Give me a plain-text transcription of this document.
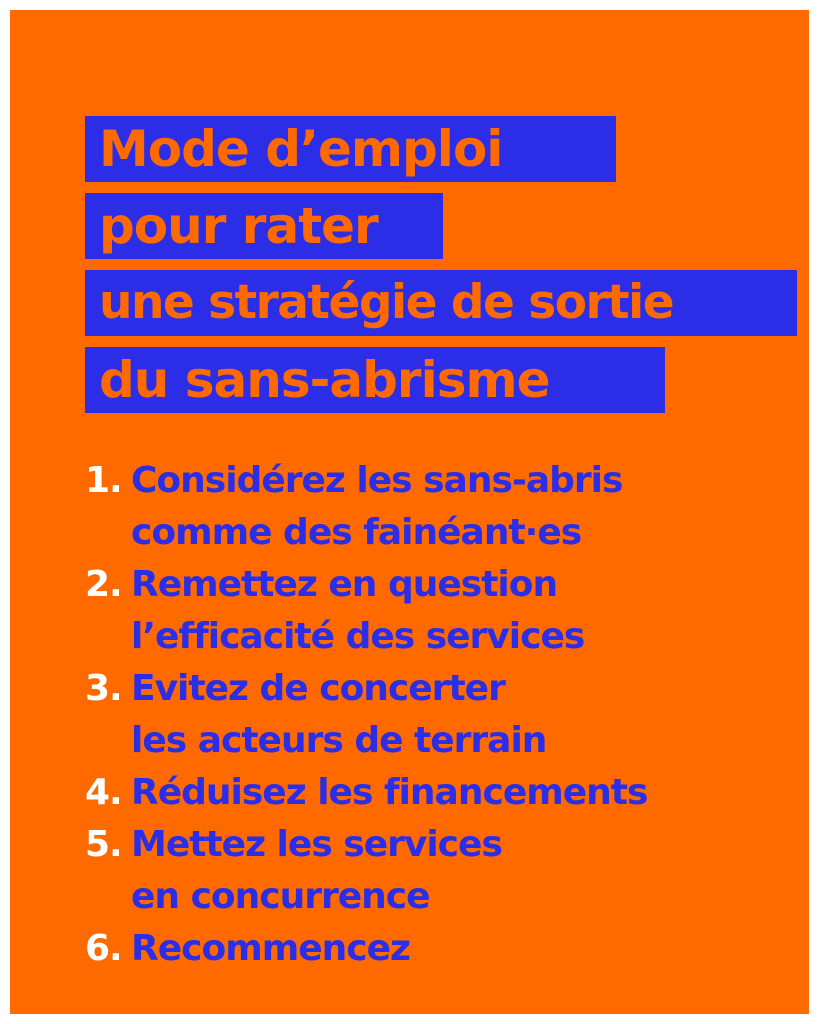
Mode d’emploi
pour rater
une stratégie de sortie
du sans-abrisme
1. Considérez les sans-abris
comme des fainéant·es
2. Remettez en question
l’efficacité des services
3. Evitez de concerter
les acteurs de terrain
4. Réduisez les financements
5. Mettez les services
en concurrence
6. Recommencez
